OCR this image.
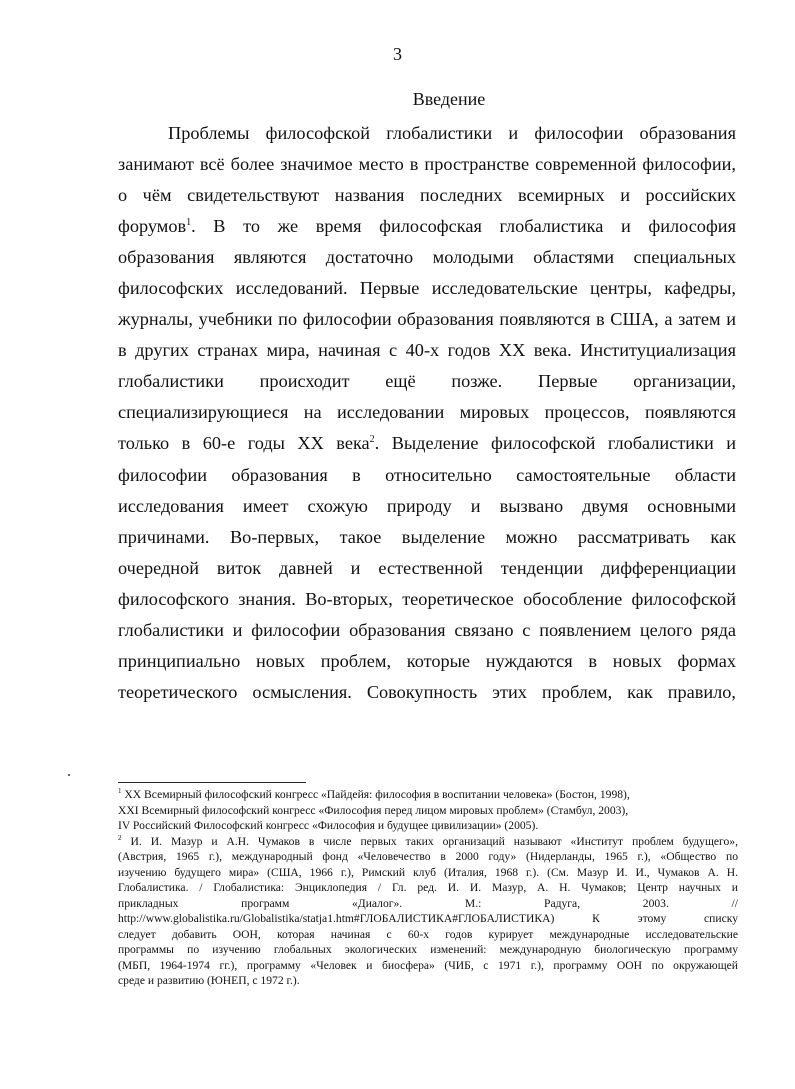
3
Введение
Проблемы философской глобалистики и философии образования
занимают всё более значимое место в пространстве современной философии,
о чём свидетельствуют названия последних всемирных и российских
форумов$^1$. В то же время философская глобалистика и философия
образования являются достаточно молодыми областями специальных
философских исследований. Первые исследовательские центры, кафедры,
журналы, учебники по философии образования появляются в США, а затем и
в других странах мира, начиная с 40-х годов XX века. Институциализация
глобалистики происходит ещё позже. Первые организации,
специализирующиеся на исследовании мировых процессов, появляются
только в 60-е годы XX века$^2$. Выделение философской глобалистики и
философии образования в относительно самостоятельные области
исследования имеет схожую природу и вызвано двумя основными
причинами. Во-первых, такое выделение можно рассматривать как
очередной виток давней и естественной тенденции дифференциации
философского знания. Во-вторых, теоретическое обособление философской
глобалистики и философии образования связано с появлением целого ряда
принципиально новых проблем, которые нуждаются в новых формах
теоретического осмысления. Совокупность этих проблем, как правило,
$^1$ XX Всемирный философский конгресс «Пайдейя: философия в воспитании человека» (Бостон, 1998),
XXI Всемирный философский конгресс «Философия перед лицом мировых проблем» (Стамбул, 2003),
IV Российский Философский конгресс «Философия и будущее цивилизации» (2005).
$^2$ И. И. Мазур и А.Н. Чумаков в числе первых таких организаций называют «Институт проблем будущего»,
(Австрия, 1965 г.), международный фонд «Человечество в 2000 году» (Нидерланды, 1965 г.), «Общество по
изучению будущего мира» (США, 1966 г.), Римский клуб (Италия, 1968 г.). (См. Мазур И. И., Чумаков А. Н.
Глобалистика. / Глобалистика: Энциклопедия / Гл. ред. И. И. Мазур, А. Н. Чумаков; Центр научных и
прикладных программ «Диалог». М.: Радуга, 2003. //
http://www.globalistika.ru/Globalistika/statja1.htm#ГЛОБАЛИСТИКА#ГЛОБАЛИСТИКА) К этому списку
следует добавить ООН, которая начиная с 60-х годов курирует международные исследовательские
программы по изучению глобальных экологических изменений: международную биологическую программу
(МБП, 1964-1974 гг.), программу «Человек и биосфера» (ЧИБ, с 1971 г.), программу ООН по окружающей
среде и развитию (ЮНЕП, с 1972 г.).
